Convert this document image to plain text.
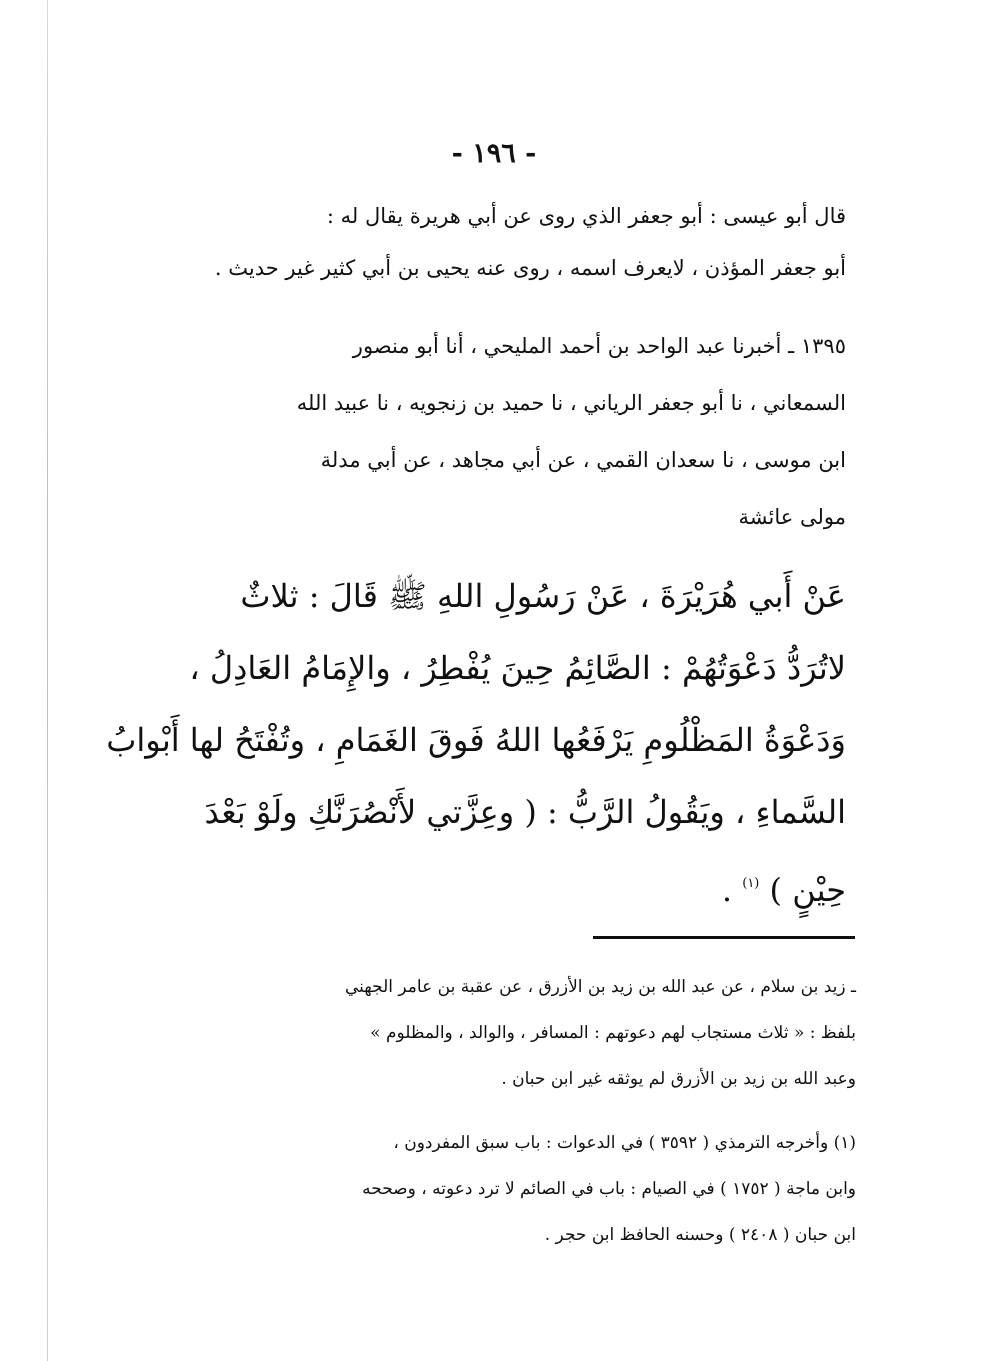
- ١٩٦ -
قال أبو عيسى : أبو جعفر الذي روى عن أبي هريرة يقال له :
أبو جعفر المؤذن ، لايعرف اسمه ، روى عنه يحيى بن أبي كثير غير حديث .
١٣٩٥ ـ أخبرنا عبد الواحد بن أحمد المليحي ، أنا أبو منصور
السمعاني ، نا أبو جعفر الرياني ، نا حميد بن زنجويه ، نا عبيد الله
ابن موسى ، نا سعدان القمي ، عن أبي مجاهد ، عن أبي مدلة
مولى عائشة
عَنْ أَبي هُرَيْرَةَ ، عَنْ رَسُولِ اللهِ ﷺ قَالَ : ثلاثٌ
لاتُرَدُّ دَعْوَتُهُمْ : الصَّائِمُ حِينَ يُفْطِرُ ، والإِمَامُ العَادِلُ ،
وَدَعْوَةُ المَظْلُومِ يَرْفَعُها اللهُ فَوقَ الغَمَامِ ، وتُفْتَحُ لها أَبْوابُ
السَّماءِ ، ويَقُولُ الرَّبُّ : ( وعِزَّتي لأَنْصُرَنَّكِ ولَوْ بَعْدَ
حِيْنٍ ) $^{(١)}$ .
ـ زيد بن سلام ، عن عبد الله بن زيد بن الأزرق ، عن عقبة بن عامر الجهني
بلفظ : « ثلاث مستجاب لهم دعوتهم : المسافر ، والوالد ، والمظلوم »
وعبد الله بن زيد بن الأزرق لم يوثقه غير ابن حبان .
(١) وأخرجه الترمذي ( ٣٥٩٢ ) في الدعوات : باب سبق المفردون ،
وابن ماجة ( ١٧٥٢ ) في الصيام : باب في الصائم لا ترد دعوته ، وصححه
ابن حبان ( ٢٤٠٨ ) وحسنه الحافظ ابن حجر .
